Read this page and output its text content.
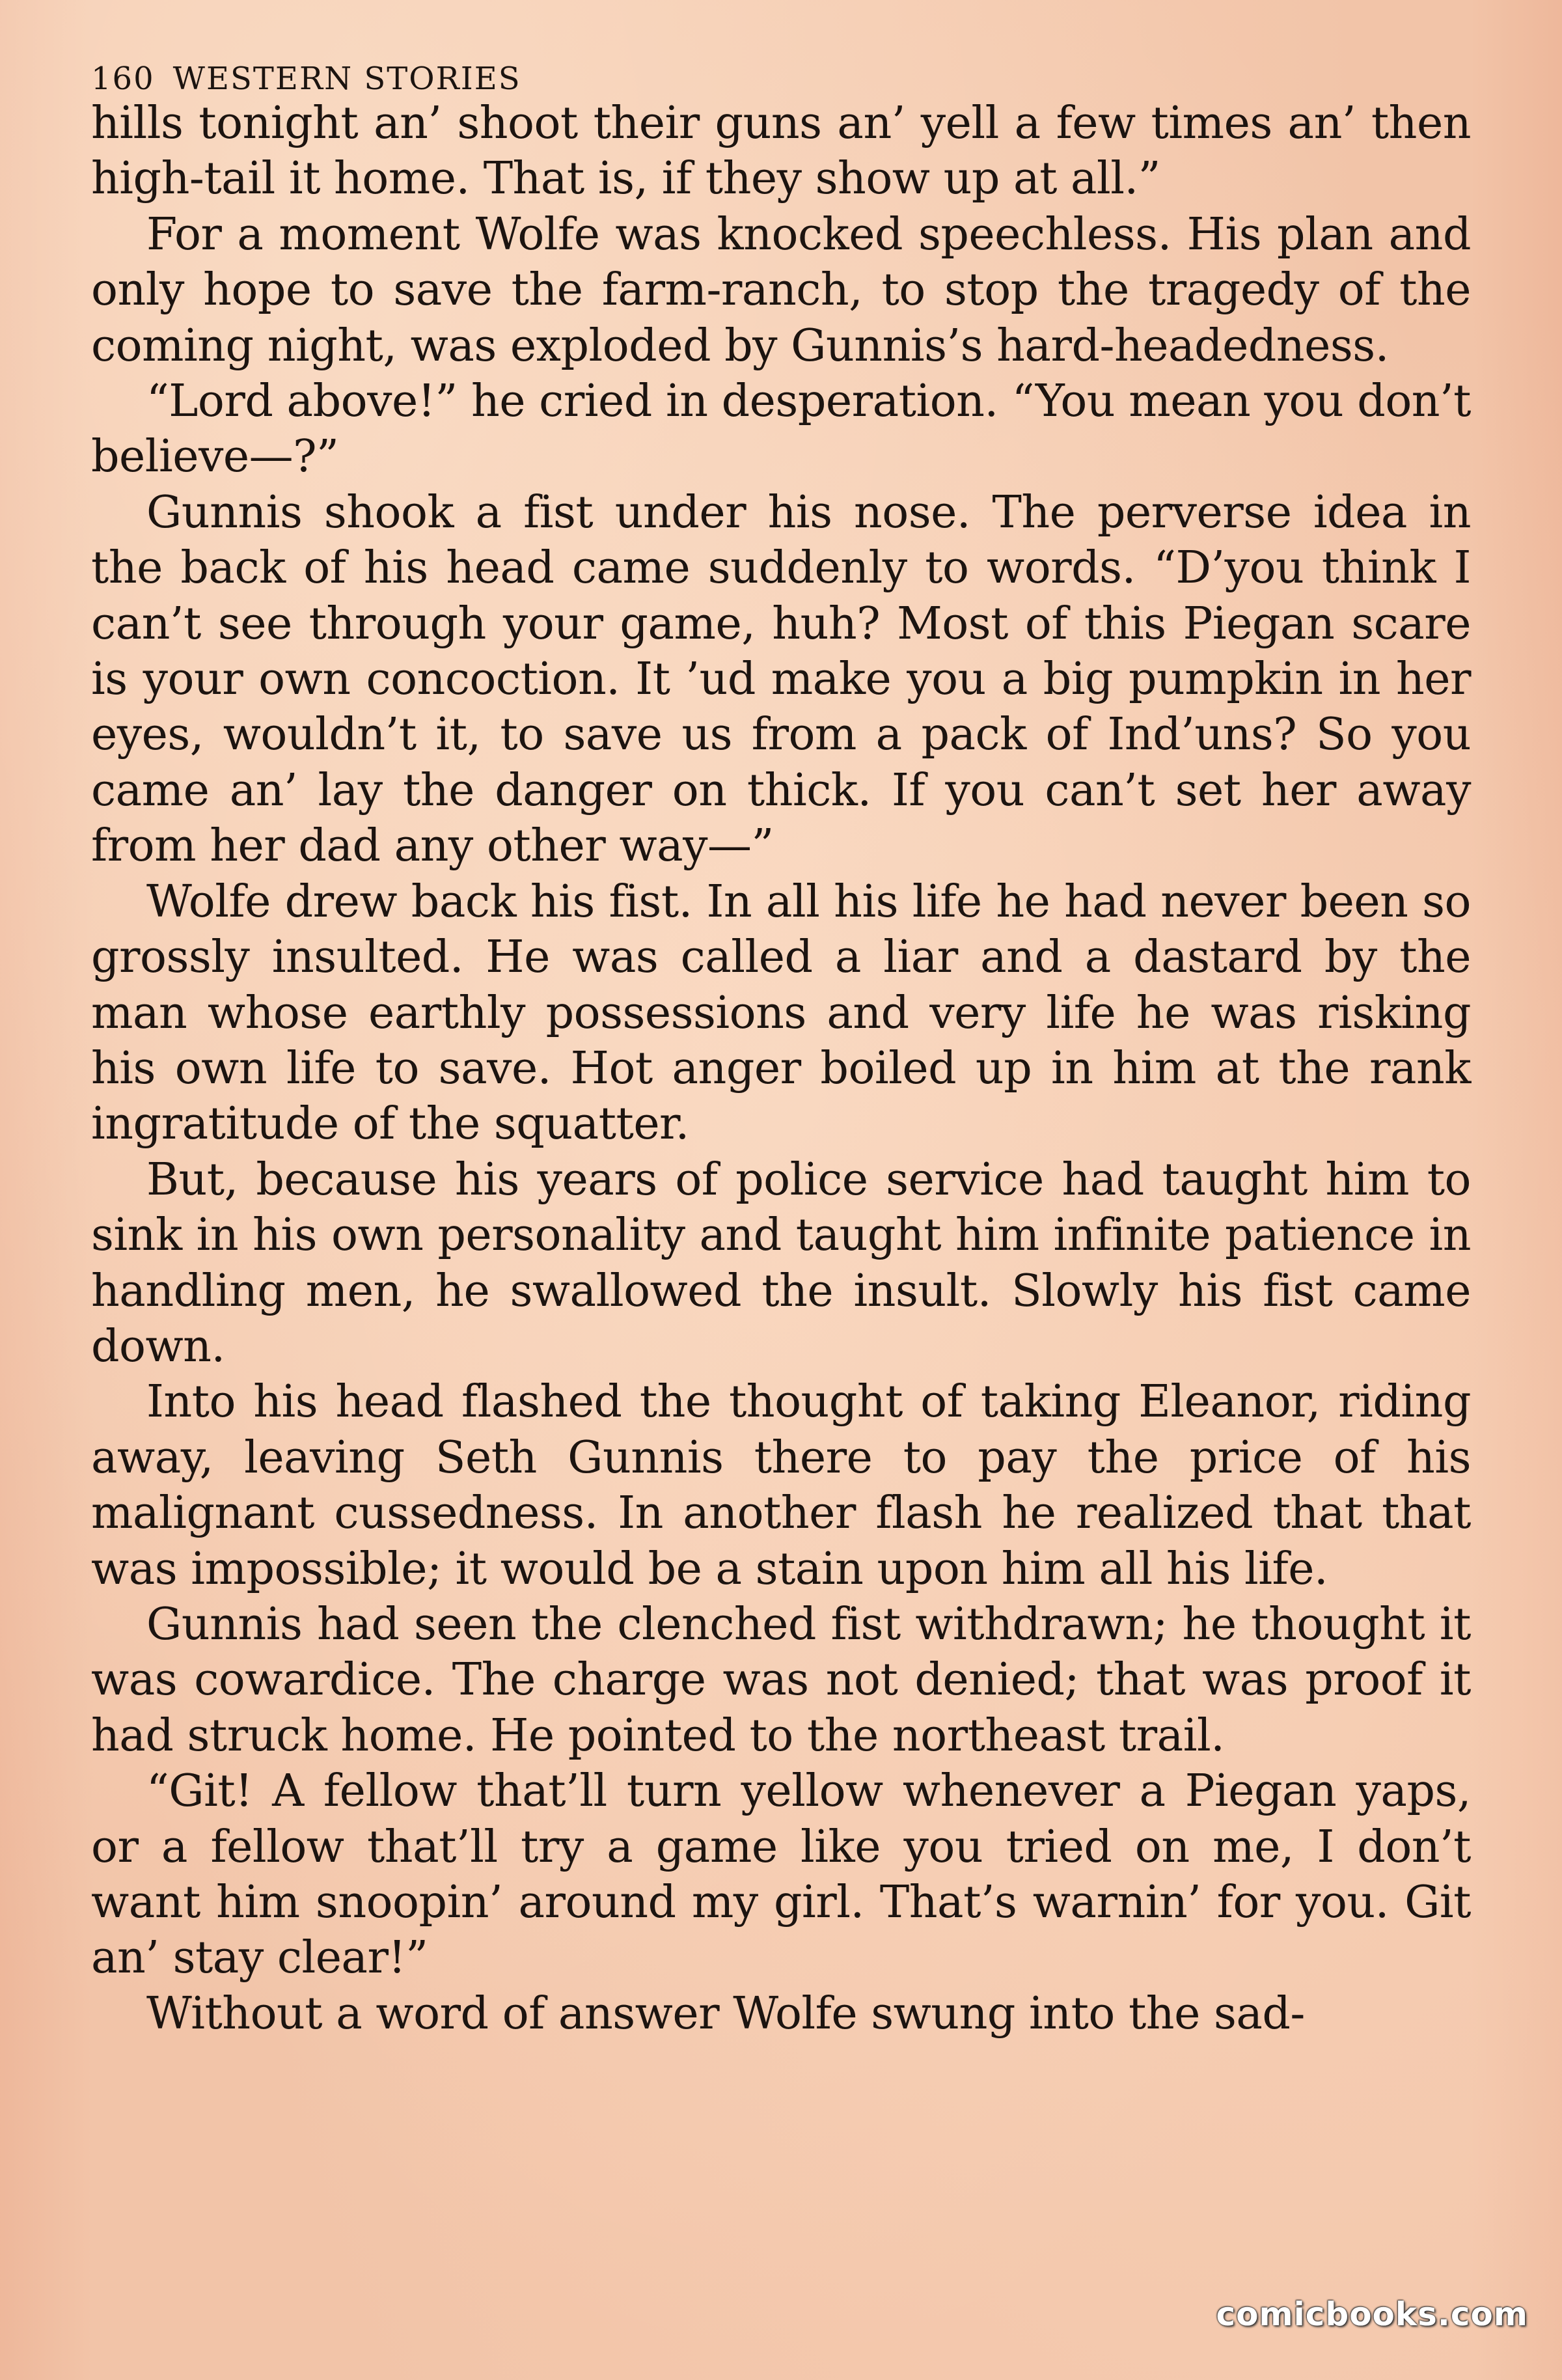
160 WESTERN STORIES

hills tonight an’ shoot their guns an’ yell a few times an’ then high-tail it home. That is, if they show up at all.”

For a moment Wolfe was knocked speechless. His plan and only hope to save the farm-ranch, to stop the tragedy of the coming night, was exploded by Gunnis’s hard-headedness.

“Lord above!” he cried in desperation. “You mean you don’t believe—?”

Gunnis shook a fist under his nose. The perverse idea in the back of his head came suddenly to words. “D’you think I can’t see through your game, huh? Most of this Piegan scare is your own concoction. It ’ud make you a big pumpkin in her eyes, wouldn’t it, to save us from a pack of Ind’uns? So you came an’ lay the danger on thick. If you can’t set her away from her dad any other way—”

Wolfe drew back his fist. In all his life he had never been so grossly insulted. He was called a liar and a dastard by the man whose earthly possessions and very life he was risking his own life to save. Hot anger boiled up in him at the rank ingratitude of the squatter.

But, because his years of police service had taught him to sink in his own personality and taught him infinite patience in handling men, he swallowed the insult. Slowly his fist came down.

Into his head flashed the thought of taking Eleanor, riding away, leaving Seth Gunnis there to pay the price of his malignant cussedness. In another flash he realized that that was impossible; it would be a stain upon him all his life.

Gunnis had seen the clenched fist withdrawn; he thought it was cowardice. The charge was not denied; that was proof it had struck home. He pointed to the northeast trail.

“Git! A fellow that’ll turn yellow whenever a Piegan yaps, or a fellow that’ll try a game like you tried on me, I don’t want him snoopin’ around my girl. That’s warnin’ for you. Git an’ stay clear!”

Without a word of answer Wolfe swung into the sad-

comicbooks.com
